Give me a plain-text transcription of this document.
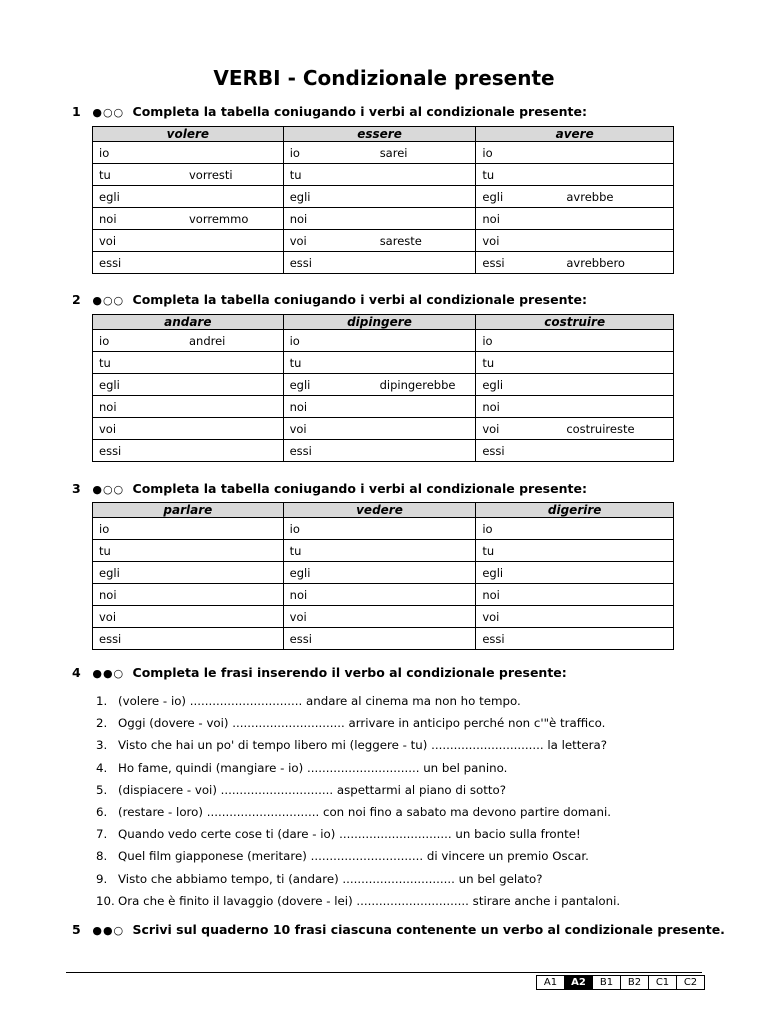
VERBI - Condizionale presente
1 ●○○ Completa la tabella coniugando i verbi al condizionale presente:
volere	essere	avere
io	io sarei	io
tu vorresti	tu	tu
egli	egli	egli avrebbe

noi vorremmo	noi	noi
voi	voi sareste	voi
essi	essi	essi avrebbero
2 ●○○ Completa la tabella coniugando i verbi al condizionale presente:
andare	dipingere	costruire
io andrei	io	io
tu	tu	tu
egli	egli dipingerebbe	egli
noi	noi	noi
voi	voi	voi costruireste

essi	essi	essi
3 ●○○ Completa la tabella coniugando i verbi al condizionale presente:
parlare	vedere	digerire
io	io	io
tu	tu	tu
egli	egli	egli
noi	noi	noi
voi	voi	voi
essi	essi	essi
4 ●●○ Completa le frasi inserendo il verbo al condizionale presente:
1. (volere - io) .............................. andare al cinema ma non ho tempo.
2. Oggi (dovere - voi) .............................. arrivare in anticipo perché non c'"è traffico.
3. Visto che hai un po' di tempo libero mi (leggere - tu) .............................. la lettera?
4. Ho fame, quindi (mangiare - io) .............................. un bel panino.
5. (dispiacere - voi) .............................. aspettarmi al piano di sotto?
6. (restare - loro) .............................. con noi fino a sabato ma devono partire domani.
7. Quando vedo certe cose ti (dare - io) .............................. un bacio sulla fronte!
8. Quel film giapponese (meritare) .............................. di vincere un premio Oscar.
9. Visto che abbiamo tempo, ti (andare) .............................. un bel gelato?
10. Ora che è finito il lavaggio (dovere - lei) .............................. stirare anche i pantaloni.
5 ●●○ Scrivi sul quaderno 10 frasi ciascuna contenente un verbo al condizionale presente.
A1	A2	B1	B2	C1	C2
